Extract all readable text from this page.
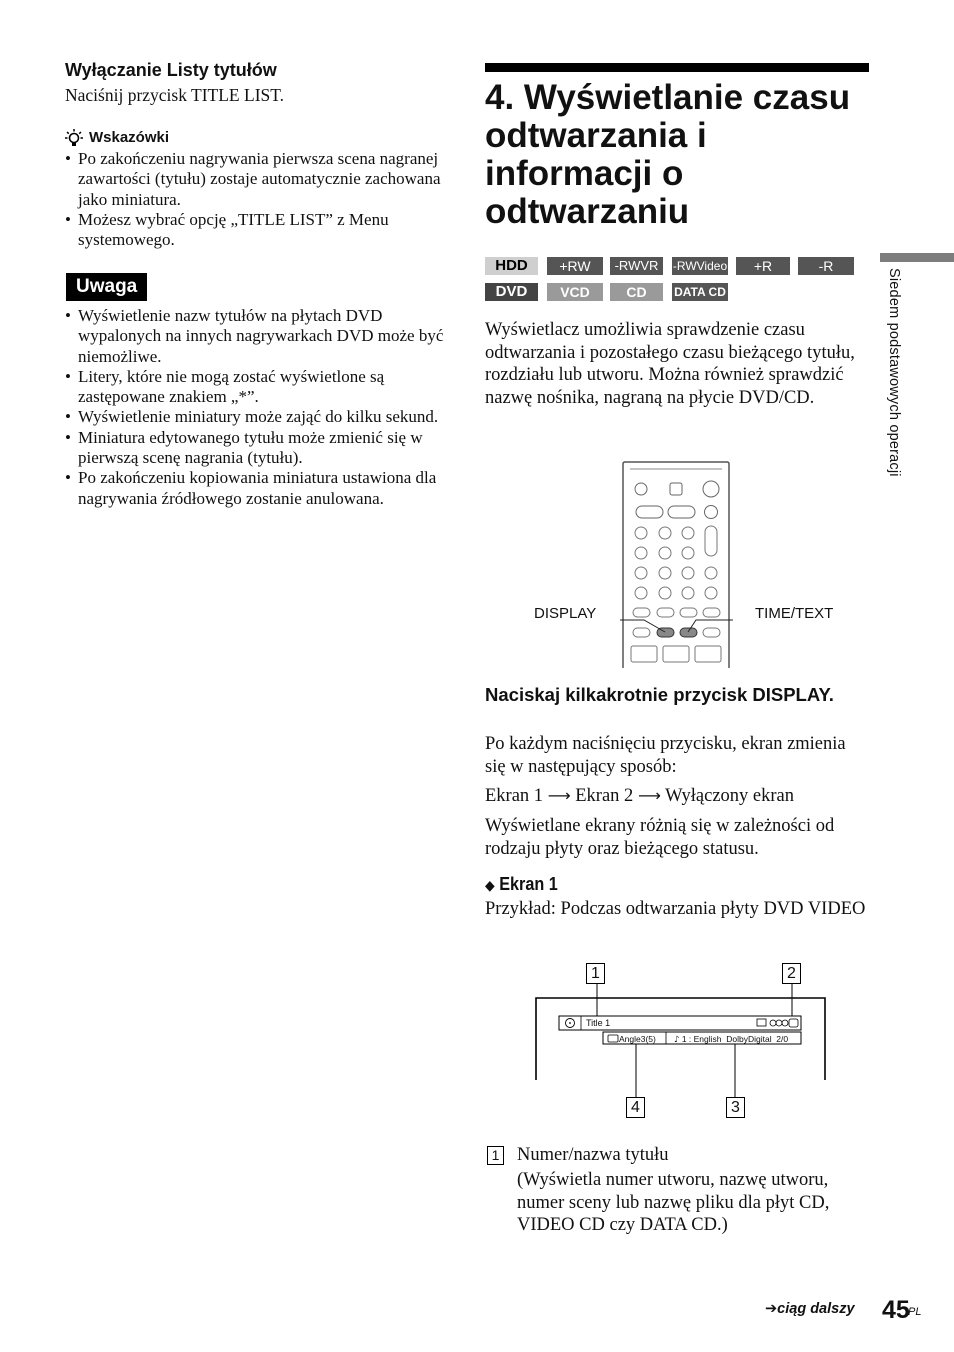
Wyłączanie Listy tytułów
Naciśnij przycisk TITLE LIST.
Wskazówki
• Po zakończeniu nagrywania pierwsza scena nagranej zawartości (tytułu) zostaje automatycznie zachowana jako miniatura.
• Możesz wybrać opcję „TITLE LIST” z Menu systemowego.
Uwaga
• Wyświetlenie nazw tytułów na płytach DVD wypalonych na innych nagrywarkach DVD może być niemożliwe.
• Litery, które nie mogą zostać wyświetlone są zastępowane znakiem „*”.
• Wyświetlenie miniatury może zająć do kilku sekund.
• Miniatura edytowanego tytułu może zmienić się w pierwszą scenę nagrania (tytułu).
• Po zakończeniu kopiowania miniatura ustawiona dla nagrywania źródłowego zostanie anulowana.
4. Wyświetlanie czasu odtwarzania i informacji o odtwarzaniu
HDD	+RW	-RWVR	-RWVideo	+R	-R
DVD	VCD	CD	DATA CD
Wyświetlacz umożliwia sprawdzenie czasu odtwarzania i pozostałego czasu bieżącego tytułu, rozdziału lub utworu. Można również sprawdzić nazwę nośnika, nagraną na płycie DVD/CD.
DISPLAY	TIME/TEXT
Naciskaj kilkakrotnie przycisk DISPLAY.
Po każdym naciśnięciu przycisku, ekran zmienia się w następujący sposób:
Ekran 1 ⟶ Ekran 2 ⟶ Wyłączony ekran
Wyświetlane ekrany różnią się w zależności od rodzaju płyty oraz bieżącego statusu.
◆ Ekran 1
Przykład: Podczas odtwarzania płyty DVD VIDEO
Title 1
Angle3(5) ♪ 1 : English  DolbyDigital  2/0
1	2
3
4
1 Numer/nazwa tytułu
(Wyświetla numer utworu, nazwę utworu, numer sceny lub nazwę pliku dla płyt CD, VIDEO CD czy DATA CD.)
Siedem podstawowych operacji
➔ciąg dalszy 45
PL
